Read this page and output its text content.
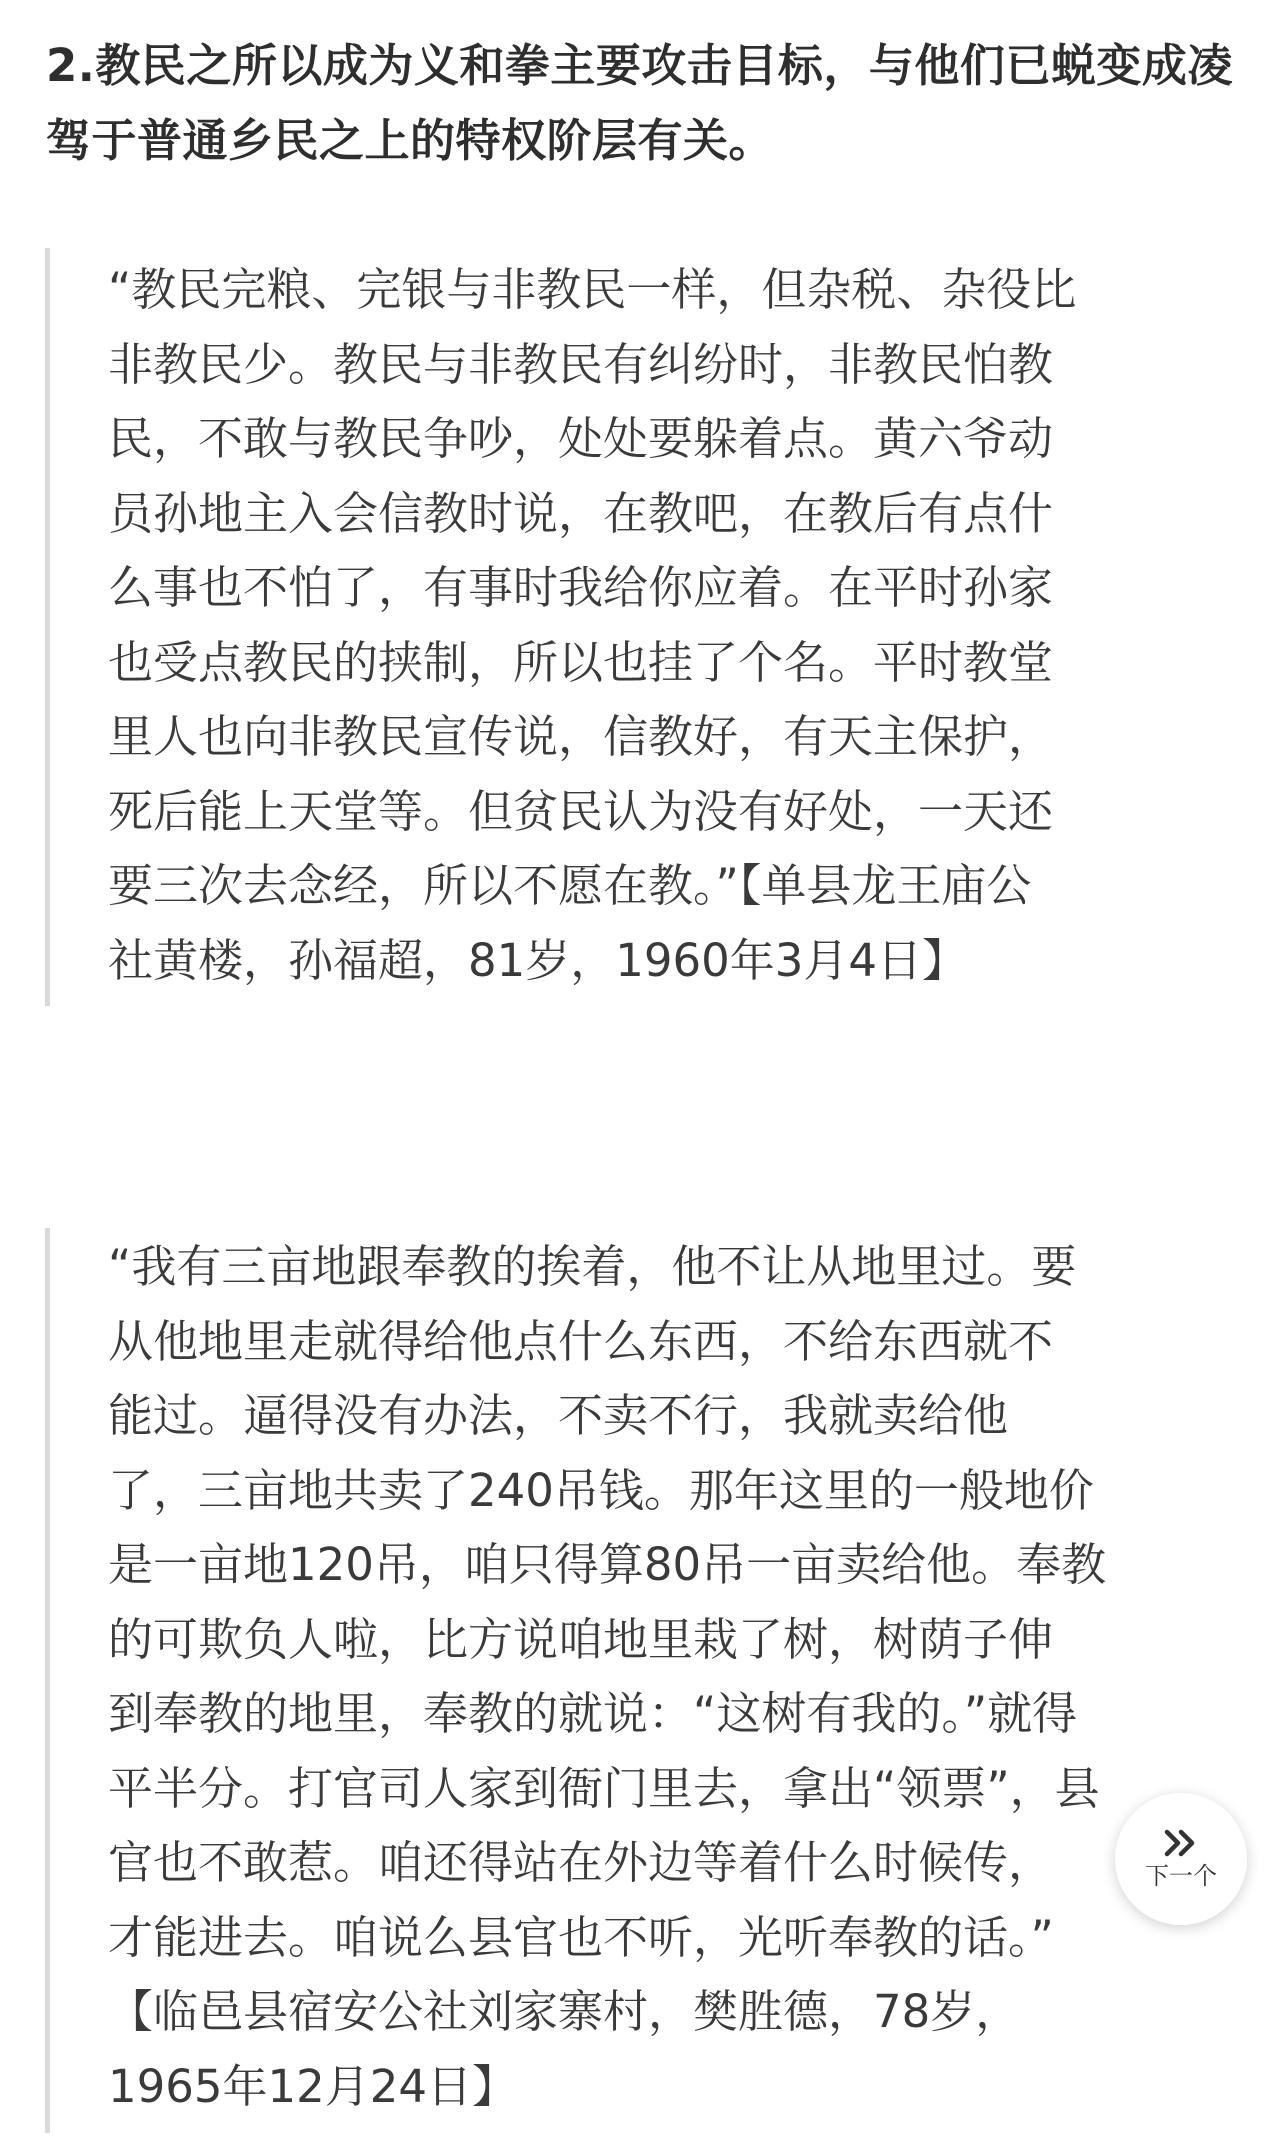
2.教民之所以成为义和拳主要攻击目标，与他们已蜕变成凌驾于普通乡民之上的特权阶层有关。

“教民完粮、完银与非教民一样，但杂税、杂役比
非教民少。教民与非教民有纠纷时，非教民怕教
民，不敢与教民争吵，处处要躲着点。黄六爷动
员孙地主入会信教时说，在教吧，在教后有点什
么事也不怕了，有事时我给你应着。在平时孙家
也受点教民的挟制，所以也挂了个名。平时教堂
里人也向非教民宣传说，信教好，有天主保护，
死后能上天堂等。但贫民认为没有好处，一天还
要三次去念经，所以不愿在教。”【单县龙王庙公
社黄楼，孙福超，81岁，1960年3月4日】

“我有三亩地跟奉教的挨着，他不让从地里过。要
从他地里走就得给他点什么东西，不给东西就不
能过。逼得没有办法，不卖不行，我就卖给他
了，三亩地共卖了240吊钱。那年这里的一般地价
是一亩地120吊，咱只得算80吊一亩卖给他。奉教
的可欺负人啦，比方说咱地里栽了树，树荫子伸
到奉教的地里，奉教的就说：“这树有我的。”就得
平半分。打官司人家到衙门里去，拿出“领票”，县
官也不敢惹。咱还得站在外边等着什么时候传，
才能进去。咱说么县官也不听，光听奉教的话。”
【临邑县宿安公社刘家寨村，樊胜德，78岁，
1965年12月24日】

下一个
